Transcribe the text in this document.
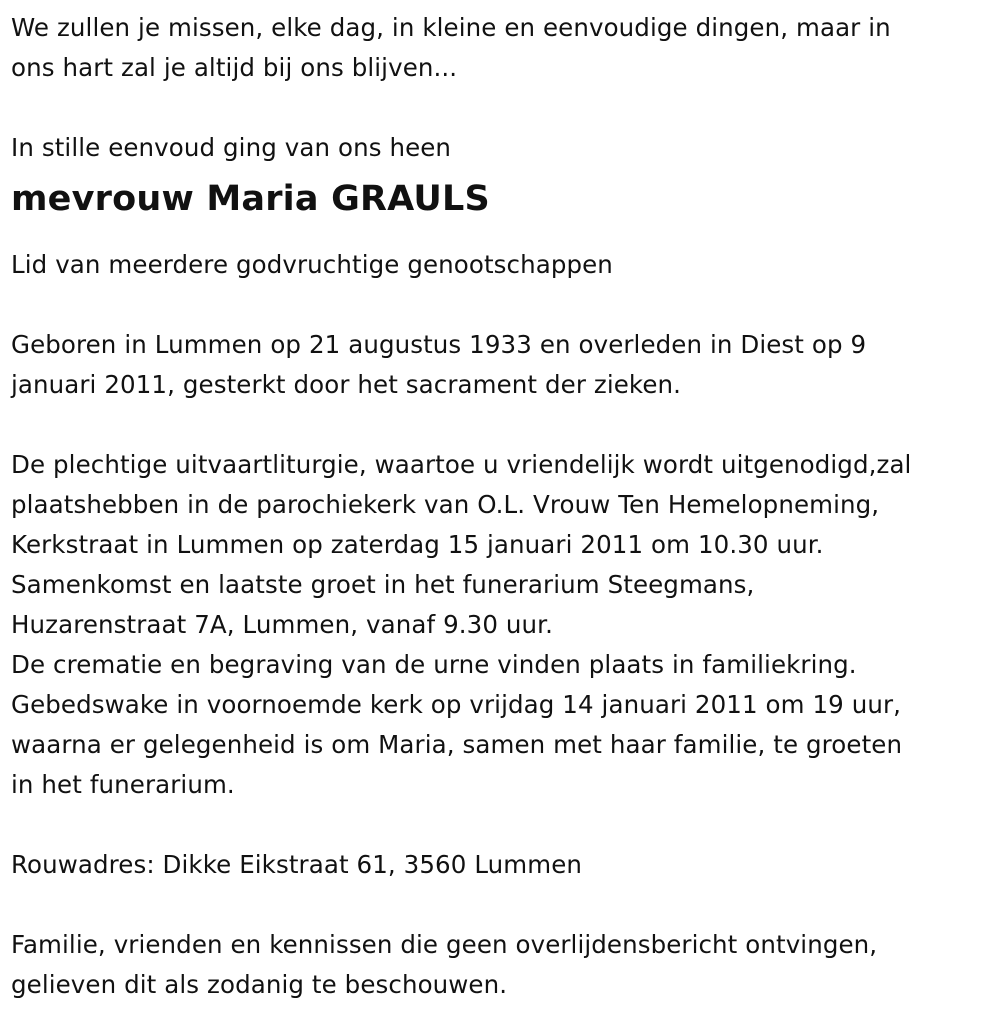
We zullen je missen, elke dag, in kleine en eenvoudige dingen, maar in
ons hart zal je altijd bij ons blijven...
In stille eenvoud ging van ons heen
mevrouw Maria GRAULS
Lid van meerdere godvruchtige genootschappen
Geboren in Lummen op 21 augustus 1933 en overleden in Diest op 9
januari 2011, gesterkt door het sacrament der zieken.
De plechtige uitvaartliturgie, waartoe u vriendelijk wordt uitgenodigd,zal
plaatshebben in de parochiekerk van O.L. Vrouw Ten Hemelopneming,
Kerkstraat in Lummen op zaterdag 15 januari 2011 om 10.30 uur.
Samenkomst en laatste groet in het funerarium Steegmans,
Huzarenstraat 7A, Lummen, vanaf 9.30 uur.
De crematie en begraving van de urne vinden plaats in familiekring.
Gebedswake in voornoemde kerk op vrijdag 14 januari 2011 om 19 uur,
waarna er gelegenheid is om Maria, samen met haar familie, te groeten
in het funerarium.
Rouwadres: Dikke Eikstraat 61, 3560 Lummen
Familie, vrienden en kennissen die geen overlijdensbericht ontvingen,
gelieven dit als zodanig te beschouwen.
